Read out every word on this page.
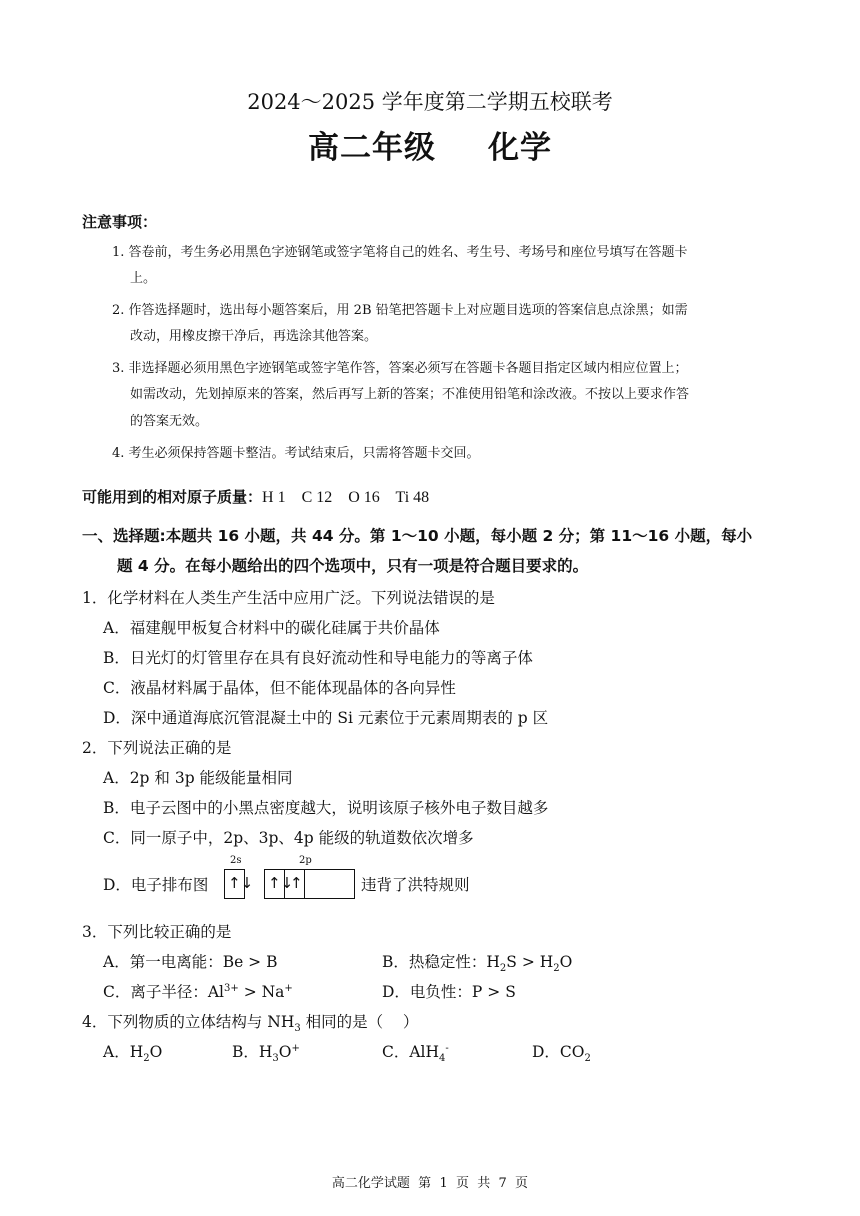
2024～2025 学年度第二学期五校联考
高二年级 化学
注意事项：
1. 答卷前，考生务必用黑色字迹钢笔或签字笔将自己的姓名、考生号、考场号和座位号填写在答题卡
上。
2. 作答选择题时，选出每小题答案后，用 2B 铅笔把答题卡上对应题目选项的答案信息点涂黑；如需
改动，用橡皮擦干净后，再选涂其他答案。
3. 非选择题必须用黑色字迹钢笔或签字笔作答，答案必须写在答题卡各题目指定区域内相应位置上；
如需改动，先划掉原来的答案，然后再写上新的答案；不准使用铅笔和涂改液。不按以上要求作答
的答案无效。
4. 考生必须保持答题卡整洁。考试结束后，只需将答题卡交回。
可能用到的相对原子质量：H 1    C 12    O 16    Ti 48
一、选择题:本题共 16 小题，共 44 分。第 1～10 小题，每小题 2 分；第 11～16 小题，每小
题 4 分。在每小题给出的四个选项中，只有一项是符合题目要求的。
1．化学材料在人类生产生活中应用广泛。下列说法错误的是
A．福建舰甲板复合材料中的碳化硅属于共价晶体
B．日光灯的灯管里存在具有良好流动性和导电能力的等离子体
C．液晶材料属于晶体，但不能体现晶体的各向异性
D．深中通道海底沉管混凝土中的 Si 元素位于元素周期表的 p 区
2．下列说法正确的是
A．2p 和 3p 能级能量相同
B．电子云图中的小黑点密度越大，说明该原子核外电子数目越多
C．同一原子中，2p、3p、4p 能级的轨道数依次增多
D．电子排布图
2s	2p
↑↓ ↑↓
↑	违背了洪特规则
3．下列比较正确的是
A．第一电离能：Be > B	B．热稳定性：$H_2S > H_2O$
C．离子半径：$Al^{3+} > Na^+$	D．电负性：P > S
4．下列物质的立体结构与 $NH_3$ 相同的是（    ）
A．$H_2O$	B．$H_3O^+$	C．AlH$_4$-	D．$CO_2$
高二化学试题  第  1  页  共  7  页
